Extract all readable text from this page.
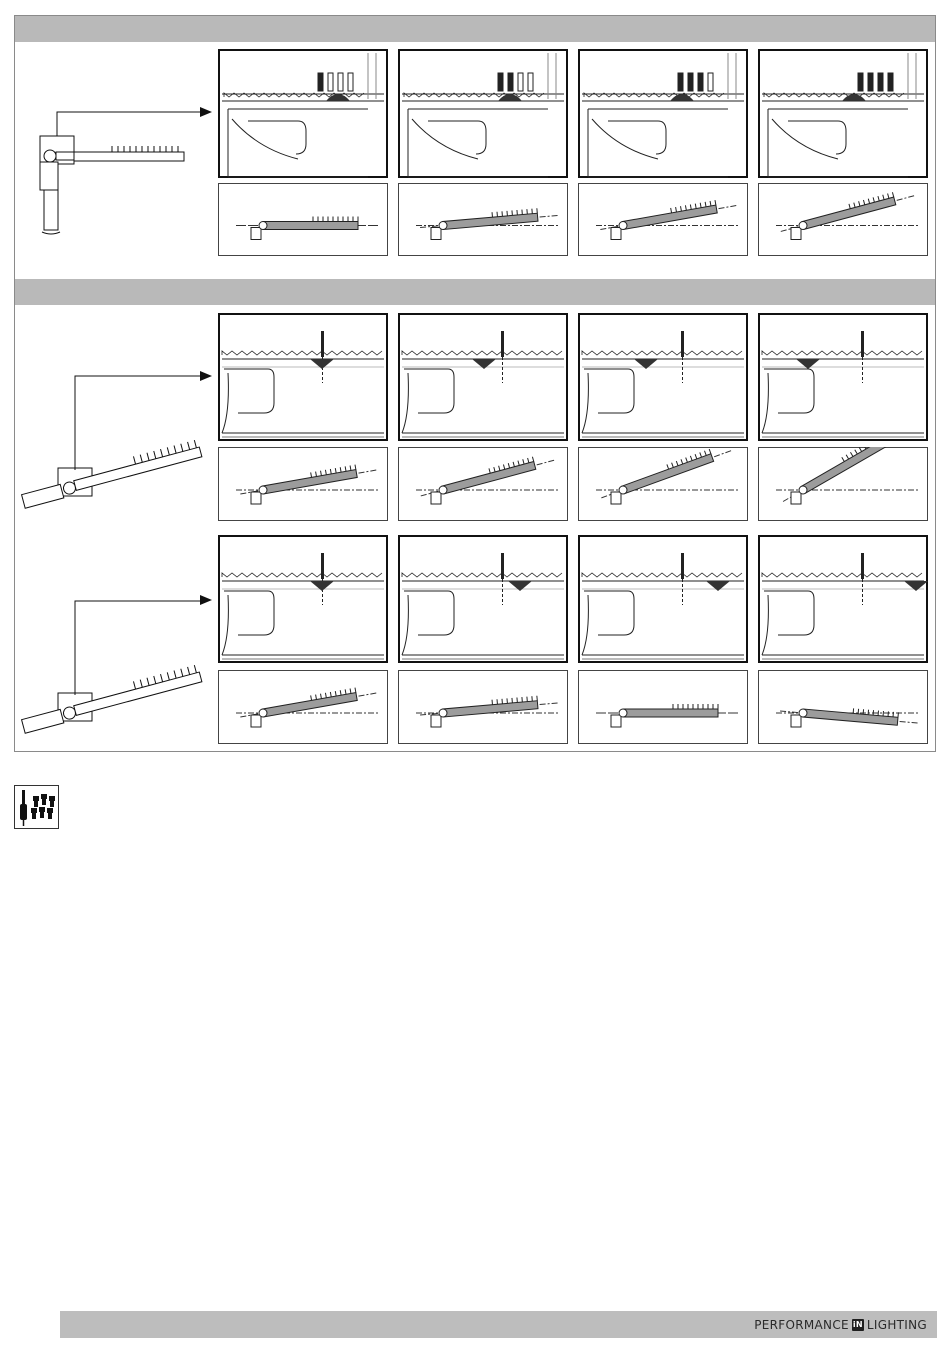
PERFORMANCE iN LIGHTING
